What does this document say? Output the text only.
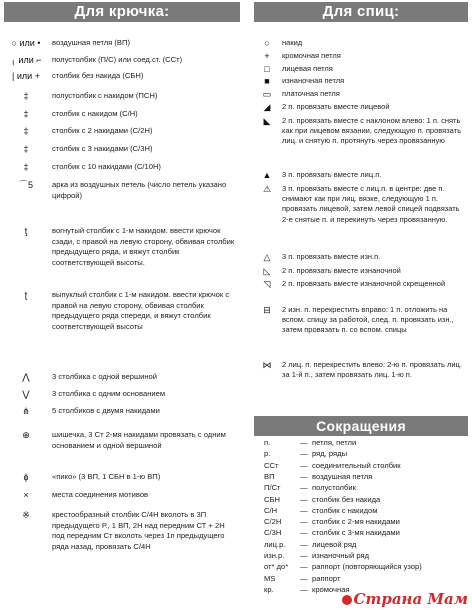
Для крючка:
○ или •	воздушная петля (ВП)
╷ или ⌐	полустолбик (П/С) или соед.ст. (ССт)
| или +	столбик без накида (СБН)
‡	полустолбик с накидом (ПСН)
‡	столбик с накидом (С/Н)
‡	столбик с 2 накидами (С/2Н)
‡	столбик с 3 накидами (С/3Н)
‡	столбик с 10 накидами (С/10Н)
⌒5	арка из воздушных петель (число петель указано цифрой)
ƫ	вогнутый столбик с 1-м накидом. ввести крючок сзади, с правой на левую сторону, обвивая столбик предыдущего ряда, и вяжут столбик соответствующей высоты.
ʈ	выпуклый столбик с 1-м накидом. ввести крючок с правой на левую сторону, обвивая столбик предыдущего ряда спереди, и вяжут столбик соответствующей высоты
⋀	3 столбика с одной вершиной
⋁	3 столбика с одним основанием
⋔	5 столбиков с двумя накидами
⊕	шишечка, 3 Ст 2-мя накидами провязать с одним основанием и одной вершиной
ɸ	«пико» (3 ВП, 1 СБН в 1-ю ВП)
×	места соединения мотивов
※	крестообразный столбик С/4Н вколоть в 3П предыдущего Р., 1 ВП, 2Н над передним СТ + 2Н под передним Ст вколоть через 1п предыдущего ряда назад, провязать С/4Н
Для спиц:
○	накид
+	кромочная петля
□	лицевая петля
■	изнаночная петля
▭	платочная петля
◢	2 п. провязать вместе лицевой
◣	2 п. провязать вместе с наклоном влево: 1 п. снять как при лицевом вязании, следующую п. провязать лиц. и снятую п. протянуть через провязанную
▲	3 п. провязать вместе лиц.п.
⚠	3 п. провязать вместе с лиц.п. в центре: две п. снимают как при лиц. вязке, следующую 1 п. провязать лицевой, затем левой спицей подвязать 2-е снятые п. и перекинуть через провязанную.
△	3 п. провязать вместе изн.п.
◺	2 п. провязать вместе изнаночной
◹	2 п. провязать вместе изнаночной скрещенной
⊟	2 изн. п. перекрестить вправо: 1 п. отложить на вспом. спицу за работой, след. п. провязать изн., затем провязать п. со вспом. спицы
⋈	2 лиц. п. перекрестить влево: 2-ю п. провязать лиц. за 1-й п., затем провязать лиц. 1-ю п.
Сокращения
п.	— петля, петли
р.	— ряд, ряды
ССт	— соединительный столбик
ВП	— воздушная петля
П/Ст	— полустолбик
СБН	— столбик без накида
С/Н	— столбик с накидом
С/2Н	— столбик с 2-мя накидами
С/3Н	— столбик с 3-мя накидами
лиц.р.	— лицевой ряд
изн.р.	— изнаночный ряд
от* до*	— раппорт (повторяющийся узор)
MS	— раппорт
кр.	— кромочная
Страна Мам
